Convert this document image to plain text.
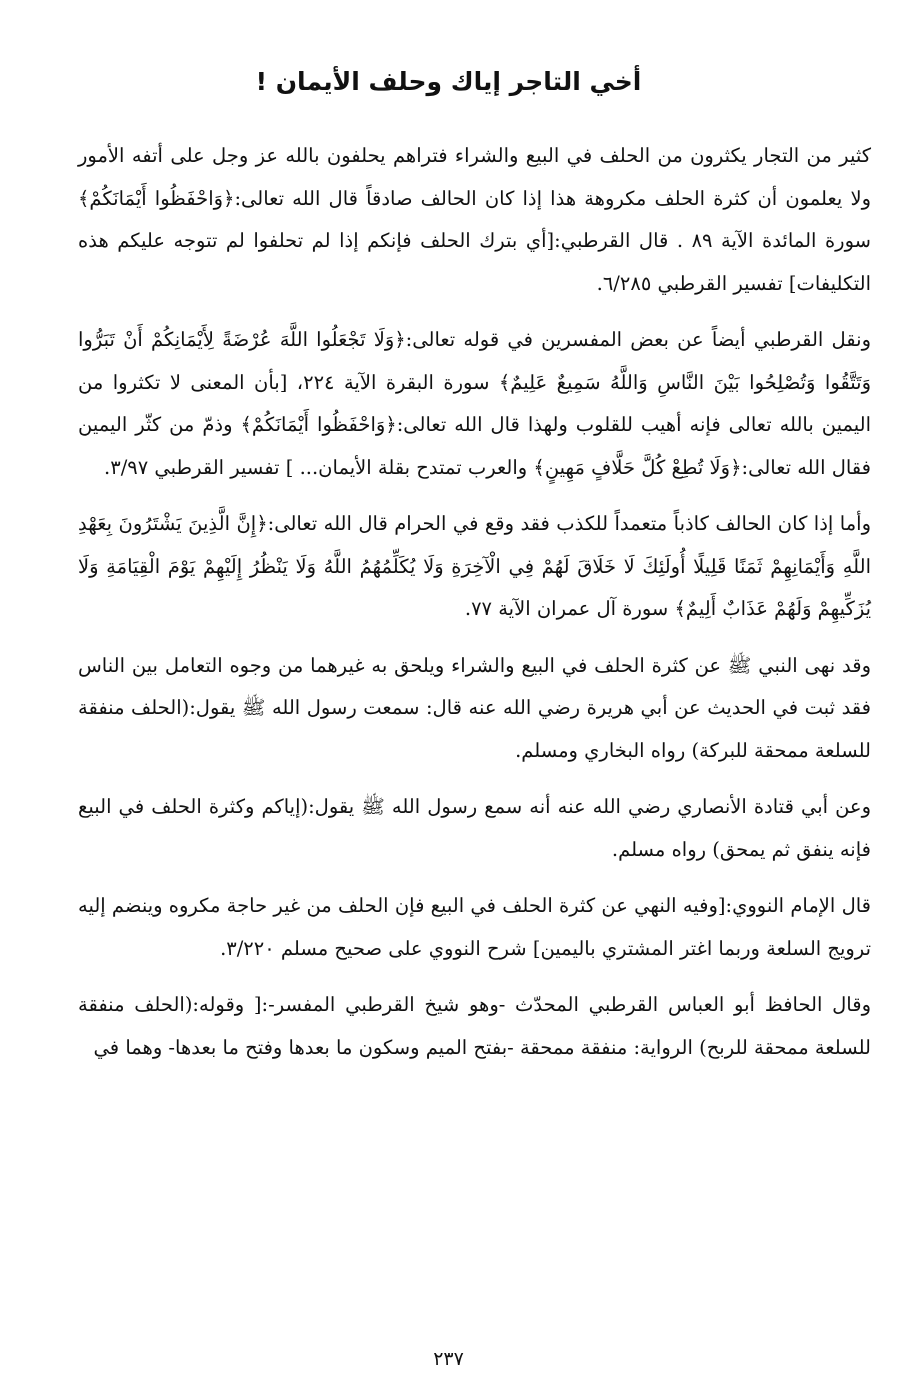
أخي التاجر إياك وحلف الأيمان !

كثير من التجار يكثرون من الحلف في البيع والشراء فتراهم يحلفون بالله عز وجل على أتفه الأمور ولا يعلمون أن كثرة الحلف مكروهة هذا إذا كان الحالف صادقاً قال الله تعالى:﴿وَاحْفَظُوا أَيْمَانَكُمْ﴾ سورة المائدة الآية ٨٩ . قال القرطبي:[أي بترك الحلف فإنكم إذا لم تحلفوا لم تتوجه عليكم هذه التكليفات] تفسير القرطبي ٦/٢٨٥.

ونقل القرطبي أيضاً عن بعض المفسرين في قوله تعالى:﴿وَلَا تَجْعَلُوا اللَّهَ عُرْضَةً لِأَيْمَانِكُمْ أَنْ تَبَرُّوا وَتَتَّقُوا وَتُصْلِحُوا بَيْنَ النَّاسِ وَاللَّهُ سَمِيعٌ عَلِيمٌ﴾ سورة البقرة الآية ٢٢٤، [بأن المعنى لا تكثروا من اليمين بالله تعالى فإنه أهيب للقلوب ولهذا قال الله تعالى:﴿وَاحْفَظُوا أَيْمَانَكُمْ﴾ وذمّ من كثّر اليمين فقال الله تعالى:﴿وَلَا تُطِعْ كُلَّ حَلَّافٍ مَهِينٍ﴾ والعرب تمتدح بقلة الأيمان... ] تفسير القرطبي ٣/٩٧.

وأما إذا كان الحالف كاذباً متعمداً للكذب فقد وقع في الحرام قال الله تعالى:﴿إِنَّ الَّذِينَ يَشْتَرُونَ بِعَهْدِ اللَّهِ وَأَيْمَانِهِمْ ثَمَنًا قَلِيلًا أُولَئِكَ لَا خَلَاقَ لَهُمْ فِي الْآخِرَةِ وَلَا يُكَلِّمُهُمُ اللَّهُ وَلَا يَنْظُرُ إِلَيْهِمْ يَوْمَ الْقِيَامَةِ وَلَا يُزَكِّيهِمْ وَلَهُمْ عَذَابٌ أَلِيمٌ﴾ سورة آل عمران الآية ٧٧.

وقد نهى النبي ﷺ عن كثرة الحلف في البيع والشراء ويلحق به غيرهما من وجوه التعامل بين الناس فقد ثبت في الحديث عن أبي هريرة رضي الله عنه قال: سمعت رسول الله ﷺ يقول:(الحلف منفقة للسلعة ممحقة للبركة) رواه البخاري ومسلم.

وعن أبي قتادة الأنصاري رضي الله عنه أنه سمع رسول الله ﷺ يقول:(إياكم وكثرة الحلف في البيع فإنه ينفق ثم يمحق) رواه مسلم.

قال الإمام النووي:[وفيه النهي عن كثرة الحلف في البيع فإن الحلف من غير حاجة مكروه وينضم إليه ترويج السلعة وربما اغتر المشتري باليمين] شرح النووي على صحيح مسلم ٣/٢٢٠.

وقال الحافظ أبو العباس القرطبي المحدّث -وهو شيخ القرطبي المفسر-:[ وقوله:(الحلف منفقة للسلعة ممحقة للربح) الرواية: منفقة ممحقة -بفتح الميم وسكون ما بعدها وفتح ما بعدها- وهما في

٢٣٧
